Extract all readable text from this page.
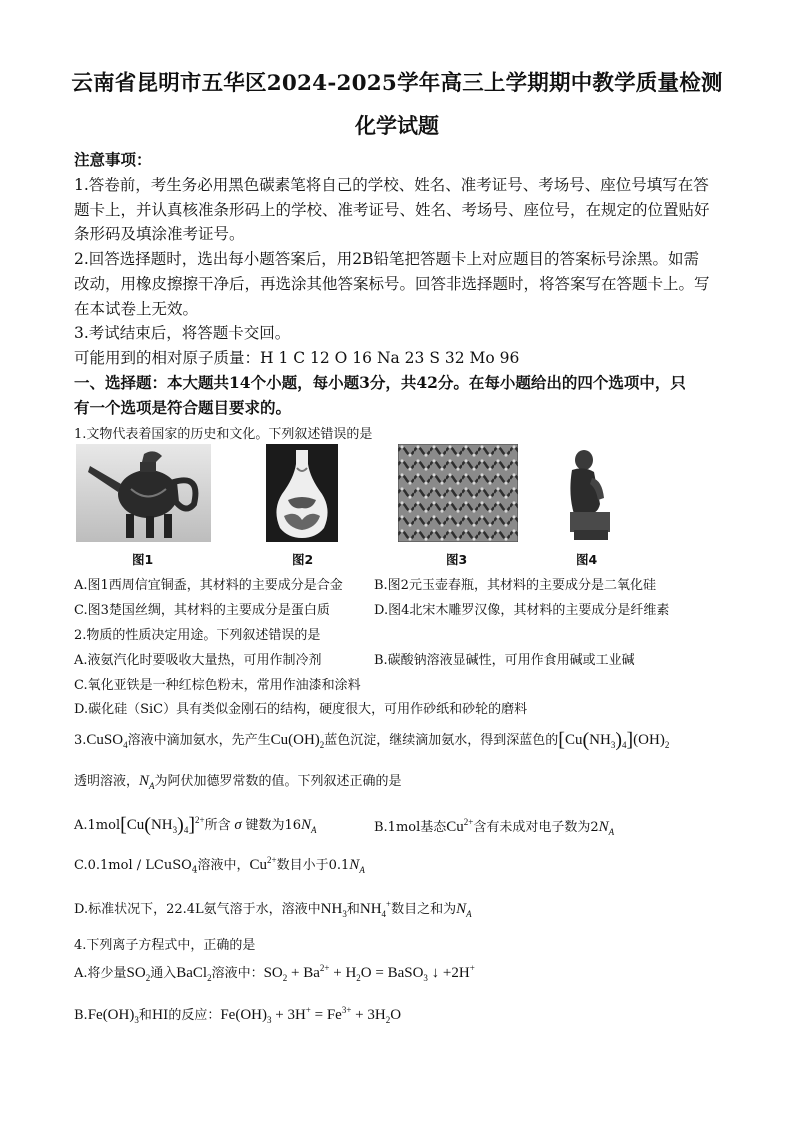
云南省昆明市五华区2024-2025学年高三上学期期中教学质量检测
化学试题
注意事项：
1.答卷前，考生务必用黑色碳素笔将自己的学校、姓名、准考证号、考场号、座位号填写在答
题卡上，并认真核准条形码上的学校、准考证号、姓名、考场号、座位号，在规定的位置贴好
条形码及填涂准考证号。
2.回答选择题时，选出每小题答案后，用2B铅笔把答题卡上对应题目的答案标号涂黑。如需
改动，用橡皮擦擦干净后，再选涂其他答案标号。回答非选择题时，将答案写在答题卡上。写
在本试卷上无效。
3.考试结束后，将答题卡交回。
可能用到的相对原子质量：H 1 C 12 O 16 Na 23 S 32 Mo 96
一、选择题：本大题共14个小题，每小题3分，共42分。在每小题给出的四个选项中，只
有一个选项是符合题目要求的。
1.文物代表着国家的历史和文化。下列叙述错误的是
图1	图2	图3	图4
A.图1西周信宜铜盉，其材料的主要成分是合金	B.图2元玉壶春瓶，其材料的主要成分是二氧化硅
C.图3楚国丝绸，其材料的主要成分是蛋白质	D.图4北宋木雕罗汉像，其材料的主要成分是纤维素
2.物质的性质决定用途。下列叙述错误的是
A.液氨汽化时要吸收大量热，可用作制冷剂	B.碳酸钠溶液显碱性，可用作食用碱或工业碱
C.氧化亚铁是一种红棕色粉末，常用作油漆和涂料
D.碳化硅（SiC）具有类似金刚石的结构，硬度很大，可用作砂纸和砂轮的磨料
3.CuSO$_4$溶液中滴加氨水，先产生$Cu(OH)_2$蓝色沉淀，继续滴加氨水，得到深蓝色的$[Cu(NH_3)_4](OH)_2$
透明溶液，$N_A$为阿伏加德罗常数的值。下列叙述正确的是
$A.1mol[Cu(NH_3)_4]^{2+}$所含 σ 键数为$16N_A$	B.1mol基态$Cu^{2+}$含有未成对电子数为$2N_A$
C.0.1mol / LCuSO$_4$溶液中，$Cu^{2+}$数目小于$0.1N_A$
D.标准状况下，22.4L氨气溶于水，溶液中$NH_3$和$NH_4^+$数目之和为$N_A$
4.下列离子方程式中，正确的是
A.将少量$SO_2$通入BaCl$_2$溶液中：$SO_2 + Ba^{2+} + H_2O$ = BaSO$_3$ ↓ +2H+
$B.Fe(OH)_3$和HI的反应：$Fe(OH)_3 + 3H^+ = Fe^{3+} + 3H_2O$
